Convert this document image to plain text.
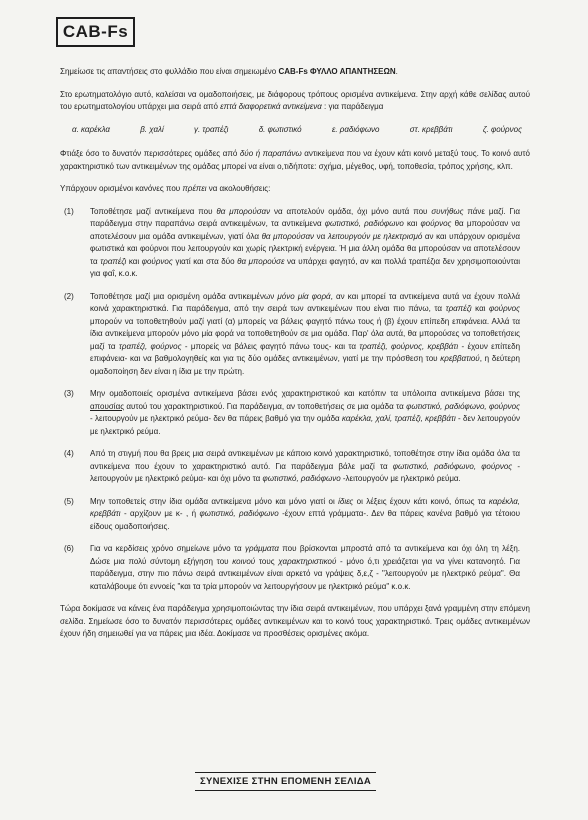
CAB-Fs

Σημείωσε τις απαντήσεις στο φυλλάδιο που είναι σημειωμένο CAB-Fs ΦΥΛΛΟ ΑΠΑΝΤΗΣΕΩΝ.

Στο ερωτηματολόγιο αυτό, καλείσαι να ομαδοποιήσεις, με διάφορους τρόπους ορισμένα αντικείμενα. Στην αρχή κάθε σελίδας αυτού του ερωτηματολογίου υπάρχει μια σειρά από επτά διαφορετικά αντικείμενα : για παράδειγμα

α. καρέκλα	β. χαλί	γ. τραπέζι	δ. φωτιστικό	ε. ραδιόφωνο	στ. κρεββάτι	ζ. φούρνος

Φτιάξε όσο το δυνατόν περισσότερες ομάδες από δύο ή παραπάνω αντικείμενα που να έχουν κάτι κοινό μεταξύ τους. Το κοινό αυτό χαρακτηριστικό των αντικειμένων της ομάδας μπορεί να είναι ο,τιδήποτε: σχήμα, μέγεθος, υφή, τοποθεσία, τρόπος χρήσης, κλπ.

Υπάρχουν ορισμένοι κανόνες που πρέπει να ακολουθήσεις:

(1)	Τοποθέτησε μαζί αντικείμενα που θα μπορούσαν να αποτελούν ομάδα, όχι μόνο αυτά που συνήθως πάνε μαζί. Για παράδειγμα στην παραπάνω σειρά αντικειμένων, τα αντικείμενα φωτιστικό, ραδιόφωνο και φούρνος θα μπορούσαν να αποτελέσουν μια ομάδα αντικειμένων, γιατί όλα θα μπορούσαν να λειτουργούν με ηλεκτρισμό αν και υπάρχουν ορισμένα φωτιστικά και φούρνοι που λειτουργούν και χωρίς ηλεκτρική ενέργεια. Ή μια άλλη ομάδα θα μπορούσαν να αποτελέσουν τα τραπέζι και φούρνος γιατί και στα δύο θα μπορούσε να υπάρχει φαγητό, αν και πολλά τραπέζια δεν χρησιμοποιούνται για φαΐ, κ.ο.κ.
(2)	Τοποθέτησε μαζί μια ορισμένη ομάδα αντικειμένων μόνο μία φορά, αν και μπορεί τα αντικείμενα αυτά να έχουν πολλά κοινά χαρακτηριστικά. Για παράδειγμα, από την σειρά των αντικειμένων που είναι πιο πάνω, τα τραπέζι και φούρνος μπορούν να τοποθετηθούν μαζί γιατί (α) μπορείς να βάλεις φαγητό πάνω τους ή (β) έχουν επίπεδη επιφάνεια. Αλλά τα ίδια αντικείμενα μπορούν μόνο μία φορά να τοποθετηθούν σε μια ομάδα. Παρ' όλα αυτά, θα μπορούσες να τοποθετήσεις μαζί τα τραπέζι, φούρνος - μπορείς να βάλεις φαγητό πάνω τους- και τα τραπέζι, φούρνος, κρεββάτι - έχουν επίπεδη επιφάνεια- και να βαθμολογηθείς και για τις δύο ομάδες αντικειμένων, γιατί με την πρόσθεση του κρεββατιού, η δεύτερη ομαδοποίηση δεν είναι η ίδια με την πρώτη.
(3)	Μην ομαδοποιείς ορισμένα αντικείμενα βάσει ενός χαρακτηριστικού και κατόπιν τα υπόλοιπα αντικείμενα βάσει της απουσίας αυτού του χαρακτηριστικού. Για παράδειγμα, αν τοποθετήσεις σε μια ομάδα τα φωτιστικό, ραδιόφωνο, φούρνος - λειτουργούν με ηλεκτρικό ρεύμα- δεν θα πάρεις βαθμό για την ομάδα καρέκλα, χαλί, τραπέζι, κρεββάτι - δεν λειτουργούν με ηλεκτρικό ρεύμα.
(4)	Από τη στιγμή που θα βρεις μια σειρά αντικειμένων με κάποιο κοινό χαρακτηριστικό, τοποθέτησε στην ίδια ομάδα όλα τα αντικείμενα που έχουν το χαρακτηριστικό αυτό. Για παράδειγμα βάλε μαζί τα φωτιστικό, ραδιόφωνο, φούρνος - λειτουργούν με ηλεκτρικό ρεύμα- και όχι μόνο τα φωτιστικό, ραδιόφωνο -λειτουργούν με ηλεκτρικό ρεύμα.
(5)	Μην τοποθετείς στην ίδια ομάδα αντικείμενα μόνο και μόνο γιατί οι ίδιες οι λέξεις έχουν κάτι κοινό, όπως τα καρέκλα, κρεββάτι - αρχίζουν με κ- , ή φωτιστικό, ραδιόφωνο -έχουν επτά γράμματα-. Δεν θα πάρεις κανένα βαθμό για τέτοιου είδους ομαδοποιήσεις.
(6)	Για να κερδίσεις χρόνο σημείωνε μόνο τα γράμματα που βρίσκονται μπροστά από τα αντικείμενα και όχι όλη τη λέξη. Δώσε μια πολύ σύντομη εξήγηση του κοινού τους χαρακτηριστικού - μόνο ό,τι χρειάζεται για να γίνει κατανοητό. Για παράδειγμα, στην πιο πάνω σειρά αντικειμένων είναι αρκετό να γράψεις δ,ε,ζ - "λειτουργούν με ηλεκτρικό ρεύμα". Θα καταλάβουμε ότι εννοείς "και τα τρία μπορούν να λειτουργήσουν με ηλεκτρικό ρεύμα" κ.ο.κ.

Τώρα δοκίμασε να κάνεις ένα παράδειγμα χρησιμοποιώντας την ίδια σειρά αντικειμένων, που υπάρχει ξανά γραμμένη στην επόμενη σελίδα. Σημείωσε όσο το δυνατόν περισσότερες ομάδες αντικειμένων και το κοινό τους χαρακτηριστικό. Τρεις ομάδες αντικειμένων έχουν ήδη σημειωθεί για να πάρεις μια ιδέα. Δοκίμασε να προσθέσεις ορισμένες ακόμα.

ΣΥΝΕΧΙΣΕ ΣΤΗΝ ΕΠΟΜΕΝΗ ΣΕΛΙΔΑ
